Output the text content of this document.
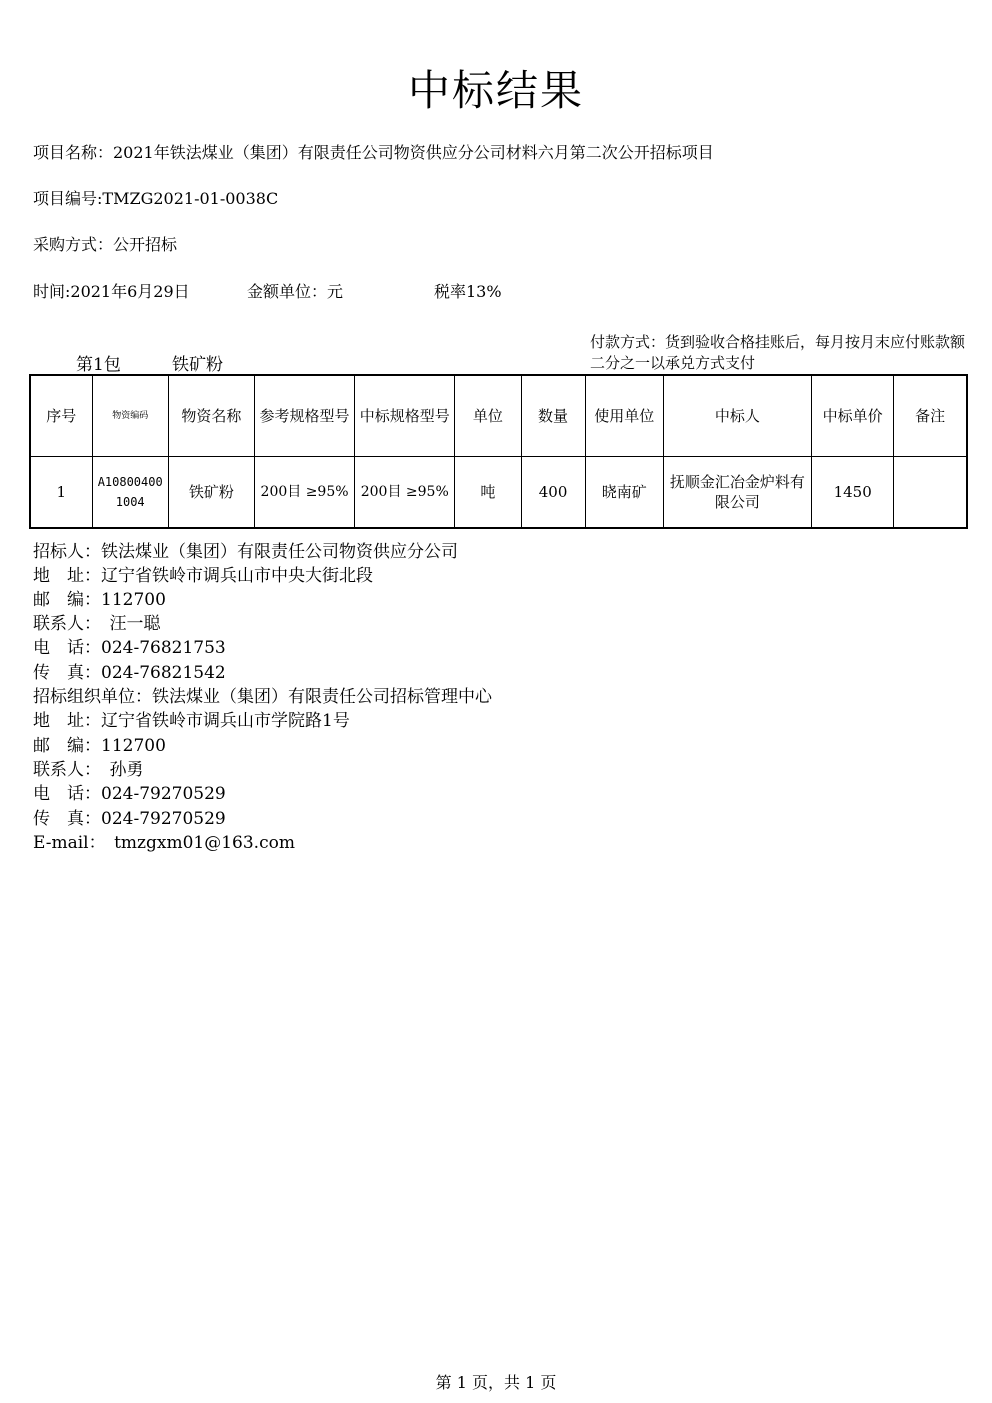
中标结果
项目名称：2021年铁法煤业（集团）有限责任公司物资供应分公司材料六月第二次公开招标项目
项目编号:TMZG2021-01-0038C
采购方式：公开招标
时间:2021年6月29日	金额单位：元	税率13%
第1包	铁矿粉
付款方式：货到验收合格挂账后，每月按月末应付账款额二分之一以承兑方式支付
序号	物资编码	物资名称	参考规格型号	中标规格型号	单位	数量	使用单位	中标人	中标单价	备注
1	A108004001004	铁矿粉	200目 ≥95%	200目 ≥95%	吨	400	晓南矿	抚顺金汇冶金炉料有限公司	1450	
招标人：铁法煤业（集团）有限责任公司物资供应分公司
地　址：辽宁省铁岭市调兵山市中央大街北段
邮　编：112700
联系人：　汪一聪
电　话：024-76821753
传　真：024-76821542
招标组织单位：铁法煤业（集团）有限责任公司招标管理中心
地　址：辽宁省铁岭市调兵山市学院路1号
邮　编：112700
联系人：　孙勇
电　话：024-79270529
传　真：024-79270529
E-mail：　tmzgxm01@163.com
第 1 页，共 1 页
